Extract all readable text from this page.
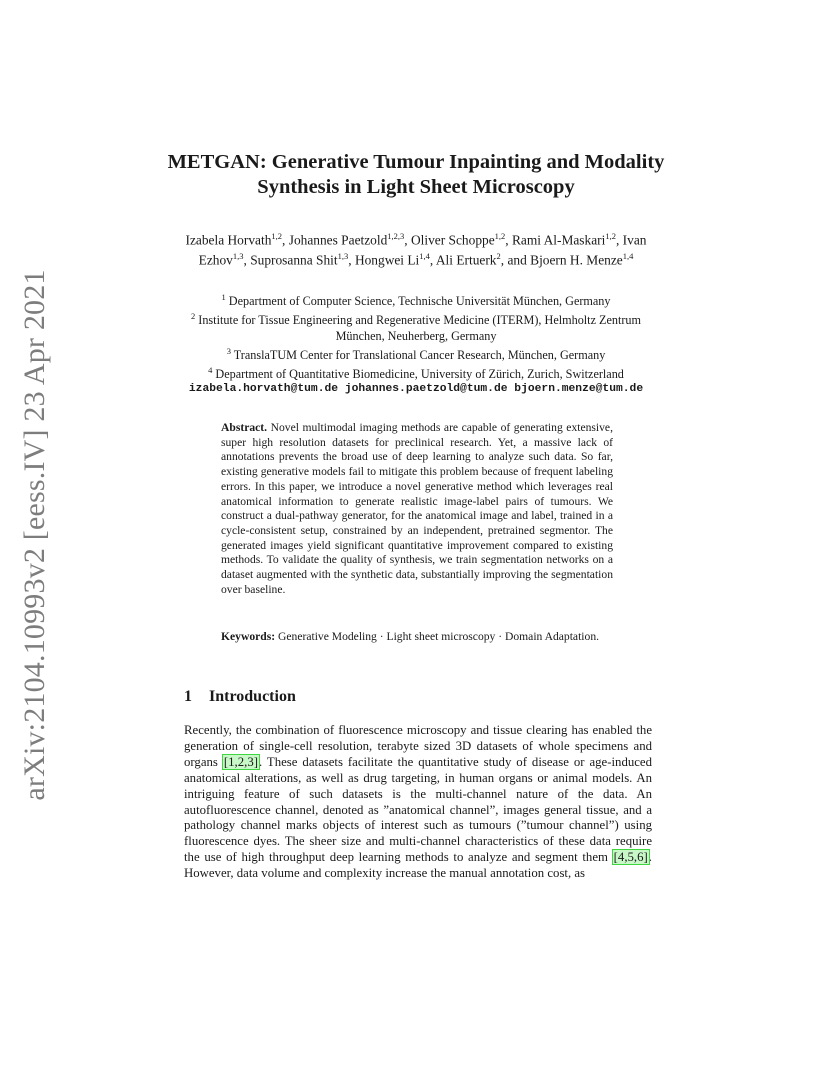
arXiv:2104.10993v2 [eess.IV] 23 Apr 2021
METGAN: Generative Tumour Inpainting and Modality Synthesis in Light Sheet Microscopy
Izabela Horvath$^{1,2}$, Johannes Paetzold$^{1,2,3}$, Oliver Schoppe$^{1,2}$, Rami Al-Maskari$^{1,2}$, Ivan Ezhov$^{1,3}$, Suprosanna Shit$^{1,3}$, Hongwei Li$^{1,4}$, Ali Ertuerk$^2$, and Bjoern H. Menze$^{1,4}$
$^1$ Department of Computer Science, Technische Universität München, Germany
$^2$ Institute for Tissue Engineering and Regenerative Medicine (ITERM), Helmholtz Zentrum München, Neuherberg, Germany
$^3$ TranslaTUM Center for Translational Cancer Research, München, Germany
$^4$ Department of Quantitative Biomedicine, University of Zürich, Zurich, Switzerland
izabela.horvath@tum.de johannes.paetzold@tum.de bjoern.menze@tum.de
Abstract. Novel multimodal imaging methods are capable of generating extensive, super high resolution datasets for preclinical research. Yet, a massive lack of annotations prevents the broad use of deep learning to analyze such data. So far, existing generative models fail to mitigate this problem because of frequent labeling errors. In this paper, we introduce a novel generative method which leverages real anatomical information to generate realistic image-label pairs of tumours. We construct a dual-pathway generator, for the anatomical image and label, trained in a cycle-consistent setup, constrained by an independent, pretrained segmentor. The generated images yield significant quantitative improvement compared to existing methods. To validate the quality of synthesis, we train segmentation networks on a dataset augmented with the synthetic data, substantially improving the segmentation over baseline.
Keywords: Generative Modeling · Light sheet microscopy · Domain Adaptation.
1 Introduction
Recently, the combination of fluorescence microscopy and tissue clearing has enabled the generation of single-cell resolution, terabyte sized 3D datasets of whole specimens and organs [1,2,3]. These datasets facilitate the quantitative study of disease or age-induced anatomical alterations, as well as drug targeting, in human organs or animal models. An intriguing feature of such datasets is the multi-channel nature of the data. An autofluorescence channel, denoted as ”anatomical channel”, images general tissue, and a pathology channel marks objects of interest such as tumours (”tumour channel”) using fluorescence dyes. The sheer size and multi-channel characteristics of these data require the use of high throughput deep learning methods to analyze and segment them [4,5,6]. However, data volume and complexity increase the manual annotation cost, as
